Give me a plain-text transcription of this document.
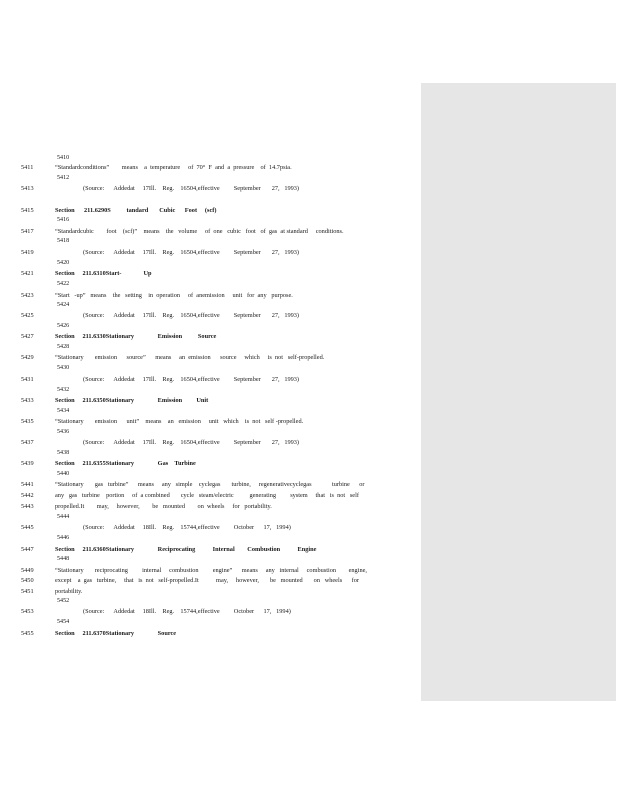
5410
5411	“Standardconditions”        means    a  temperature     of  70°  F  and  a  pressure    of  14.7psia.
5412
5413	(Source:      Addedat     17Ill.    Reg.    16504,effective         September       27,   1993)
5415	Section      211.6290S          tandard       Cubic      Foot     (scf)
5416
5417	“Standardcubic        foot    (scf)”    means    the   volume     of  one   cubic   foot   of  gas  at standard     conditions.
5418
5419	(Source:      Addedat     17Ill.    Reg.    16504,effective         September       27,   1993)
5420
5421	Section     211.6310Start-              Up
5422
5423	“Start   -up”   means    the   setting    in  operation     of  anemission     unit   for  any   purpose.
5424
5425	(Source:      Addedat     17Ill.    Reg.    16504,effective         September       27,   1993)
5426
5427	Section     211.6330Stationary               Emission          Source
5428
5429	“Stationary       emission      source”      means     an  emission      source     which     is  not   self-propelled.
5430
5431	(Source:      Addedat     17Ill.    Reg.    16504,effective         September       27,   1993)
5432
5433	Section     211.6350Stationary               Emission         Unit
5434
5435	“Stationary       emission      unit”    means    an   emission     unit   which    is  not   self -propelled.
5436
5437	(Source:      Addedat     17Ill.    Reg.    16504,effective         September       27,   1993)
5438
5439	Section     211.6355Stationary               Gas    Turbine
5440
5441	“Stationary       gas   turbine”      means     any   simple    cyclegas       turbine,     regenerativecyclegas             turbine      or
5442	any   gas   turbine    portion     of  a combined       cycle   steam/electric          generating         system     that   is  not   self
5443	propelled.It        may,     however,        be   mounted        on  wheels     for   portability.
5444
5445	(Source:      Addedat     18Ill.    Reg.    15744,effective         October      17,   1994)
5446
5447	Section     211.6360Stationary               Reciprocating           Internal        Combustion           Engine
5448
5449	“Stationary       reciprocating         internal     combustion         engine”      means     any   internal     combustion        engine,
5450	except    a  gas   turbine,     that   is  not   self-propelled.It           may,     however,       be   mounted       on   wheels      for
5451	portability.
5452
5453	(Source:      Addedat     18Ill.    Reg.    15744,effective         October      17,   1994)
5454
5455	Section     211.6370Stationary               Source
